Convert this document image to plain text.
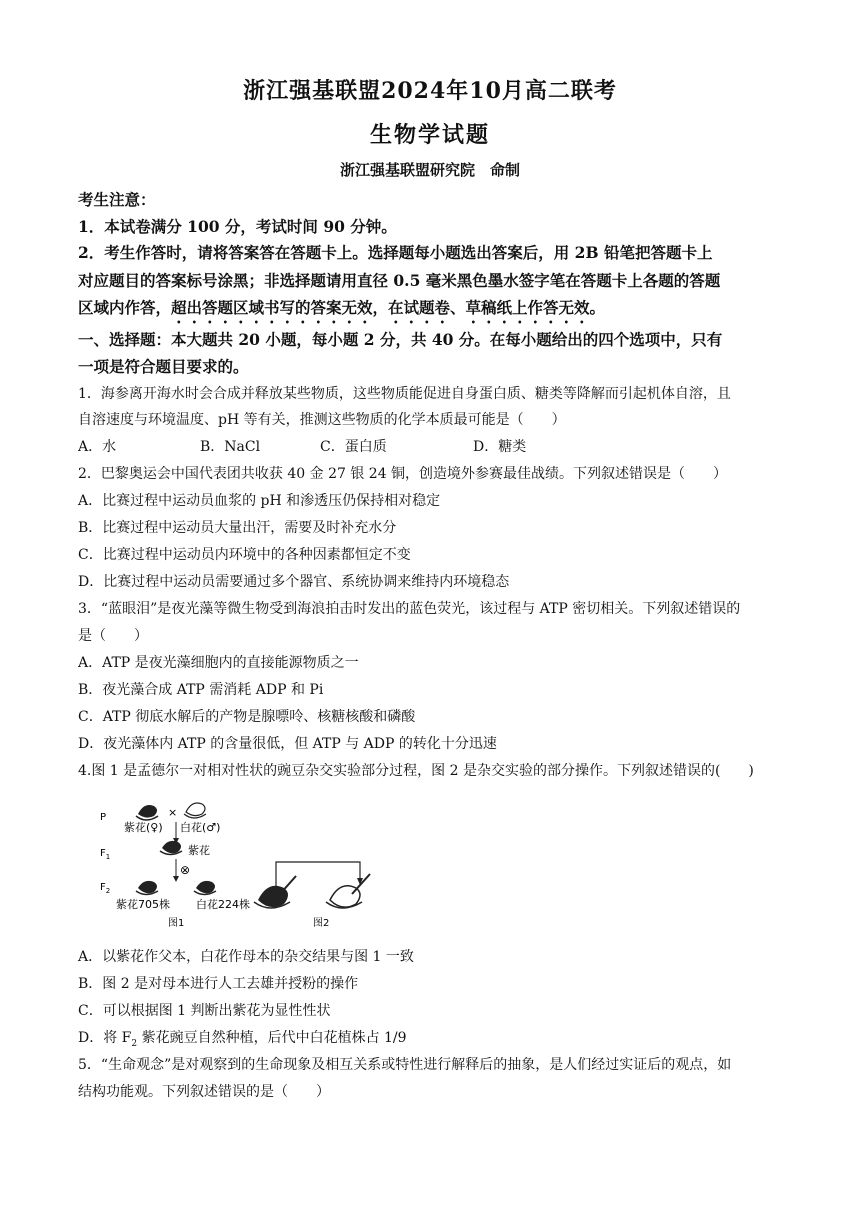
浙江强基联盟2024年10月高二联考
生物学试题
浙江强基联盟研究院　命制
考生注意：
1．本试卷满分 100 分，考试时间 90 分钟。
2．考生作答时，请将答案答在答题卡上。选择题每小题选出答案后，用 2B 铅笔把答题卡上
对应题目的答案标号涂黑；非选择题请用直径 0.5 毫米黑色墨水签字笔在答题卡上各题的答题
区域内作答，超出答题区域书写的答案无效，在试题卷、草稿纸上作答无效。
一、选择题：本大题共 20 小题，每小题 2 分，共 40 分。在每小题给出的四个选项中，只有
一项是符合题目要求的。
1．海参离开海水时会合成并释放某些物质，这些物质能促进自身蛋白质、糖类等降解而引起机体自溶，且
自溶速度与环境温度、pH 等有关，推测这些物质的化学本质最可能是（　　）
A．水	B．NaCl	C．蛋白质	D．糖类
2．巴黎奥运会中国代表团共收获 40 金 27 银 24 铜，创造境外参赛最佳战绩。下列叙述错误是（　　）
A．比赛过程中运动员血浆的 pH 和渗透压仍保持相对稳定
B．比赛过程中运动员大量出汗，需要及时补充水分
C．比赛过程中运动员内环境中的各种因素都恒定不变
D．比赛过程中运动员需要通过多个器官、系统协调来维持内环境稳态
3．“蓝眼泪”是夜光藻等微生物受到海浪拍击时发出的蓝色荧光，该过程与 ATP 密切相关。下列叙述错误的
是（　　）
A．ATP 是夜光藻细胞内的直接能源物质之一
B．夜光藻合成 ATP 需消耗 ADP 和 Pi
C．ATP 彻底水解后的产物是腺嘌呤、核糖核酸和磷酸
D．夜光藻体内 ATP 的含量很低，但 ATP 与 ADP 的转化十分迅速
4.图 1 是孟德尔一对相对性状的豌豆杂交实验部分过程，图 2 是杂交实验的部分操作。下列叙述错误的(　　)
P
$F_1$
$F_2$
×
紫花(♀) 白花(♂)
紫花
⊗
紫花705株 白花224株
图1	图2
A．以紫花作父本，白花作母本的杂交结果与图 1 一致
B．图 2 是对母本进行人工去雄并授粉的操作
C．可以根据图 1 判断出紫花为显性性状
D．将 $F_2$ 紫花豌豆自然种植，后代中白花植株占 1/9
5．“生命观念”是对观察到的生命现象及相互关系或特性进行解释后的抽象，是人们经过实证后的观点，如
结构功能观。下列叙述错误的是（　　）
